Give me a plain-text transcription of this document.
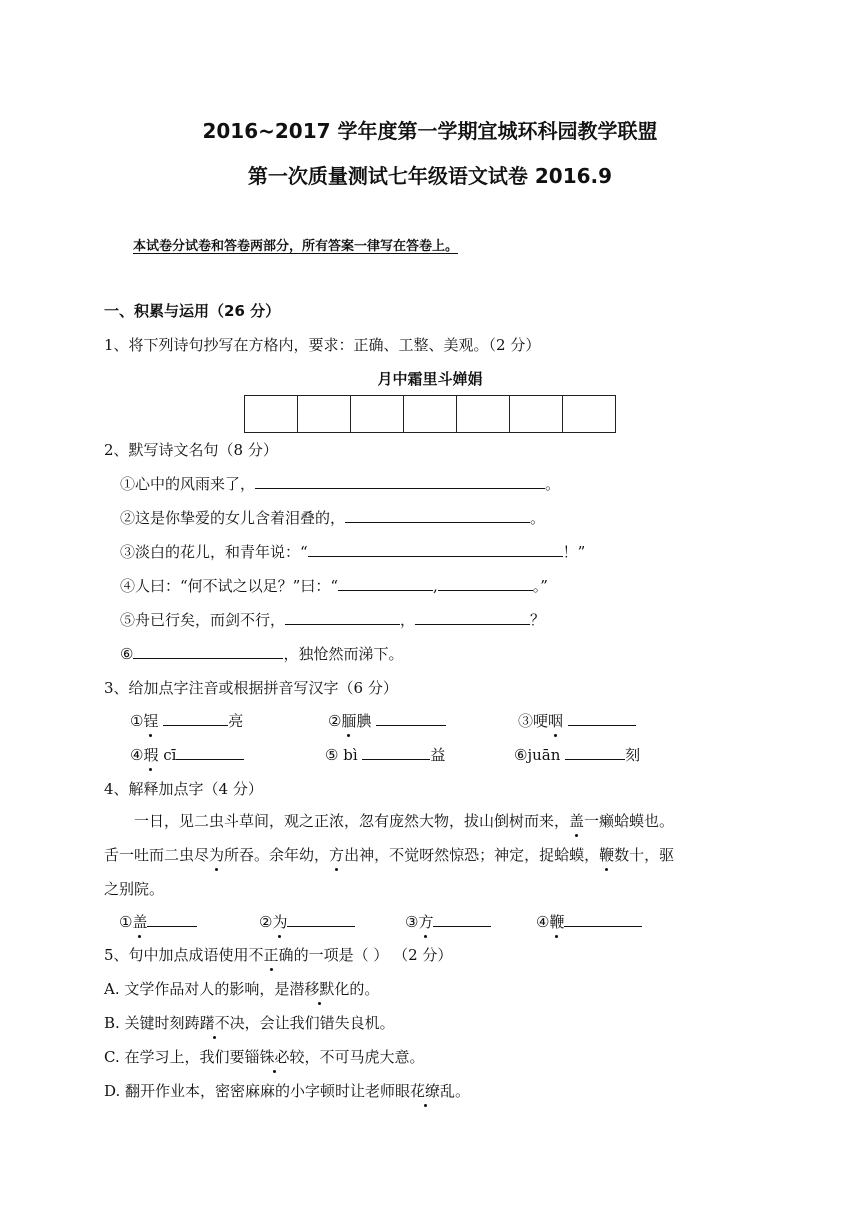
2016~2017 学年度第一学期宜城环科园教学联盟
第一次质量测试七年级语文试卷 2016.9
本试卷分试卷和答卷两部分，所有答案一律写在答卷上。
一、积累与运用（26 分）
1、将下列诗句抄写在方格内，要求：正确、工整、美观。（2 分）
月中霜里斗婵娟
2、默写诗文名句（8 分）
①心中的风雨来了，	。
②这是你挚爱的女儿含着泪叠的，	。
③淡白的花儿，和青年说：“	！”
④人曰：“何不试之以足？”曰：“	,	。”
⑤舟已行矣，而剑不行，	，	？
⑥	，独怆然而涕下。
3、给加点字注音或根据拼音写汉字（6 分）
①锃	亮	②腼腆	③哽咽
④瑕 cī	⑤ bì	益	⑥juān	刻
4、解释加点字（4 分）
一日，见二虫斗草间，观之正浓，忽有庞然大物，拔山倒树而来，盖一癞蛤蟆也。
舌一吐而二虫尽为所吞。余年幼，方出神，不觉呀然惊恐；神定，捉蛤蟆，鞭数十，驱
之别院。
①盖	②为	③方	④鞭
5、句中加点成语使用不正确的一项是（ ） （2 分）
A. 文学作品对人的影响，是潜移默化的。
B. 关键时刻踌躇不决，会让我们错失良机。
C. 在学习上，我们要锱铢必较，不可马虎大意。
D. 翻开作业本，密密麻麻的小字顿时让老师眼花缭乱。
